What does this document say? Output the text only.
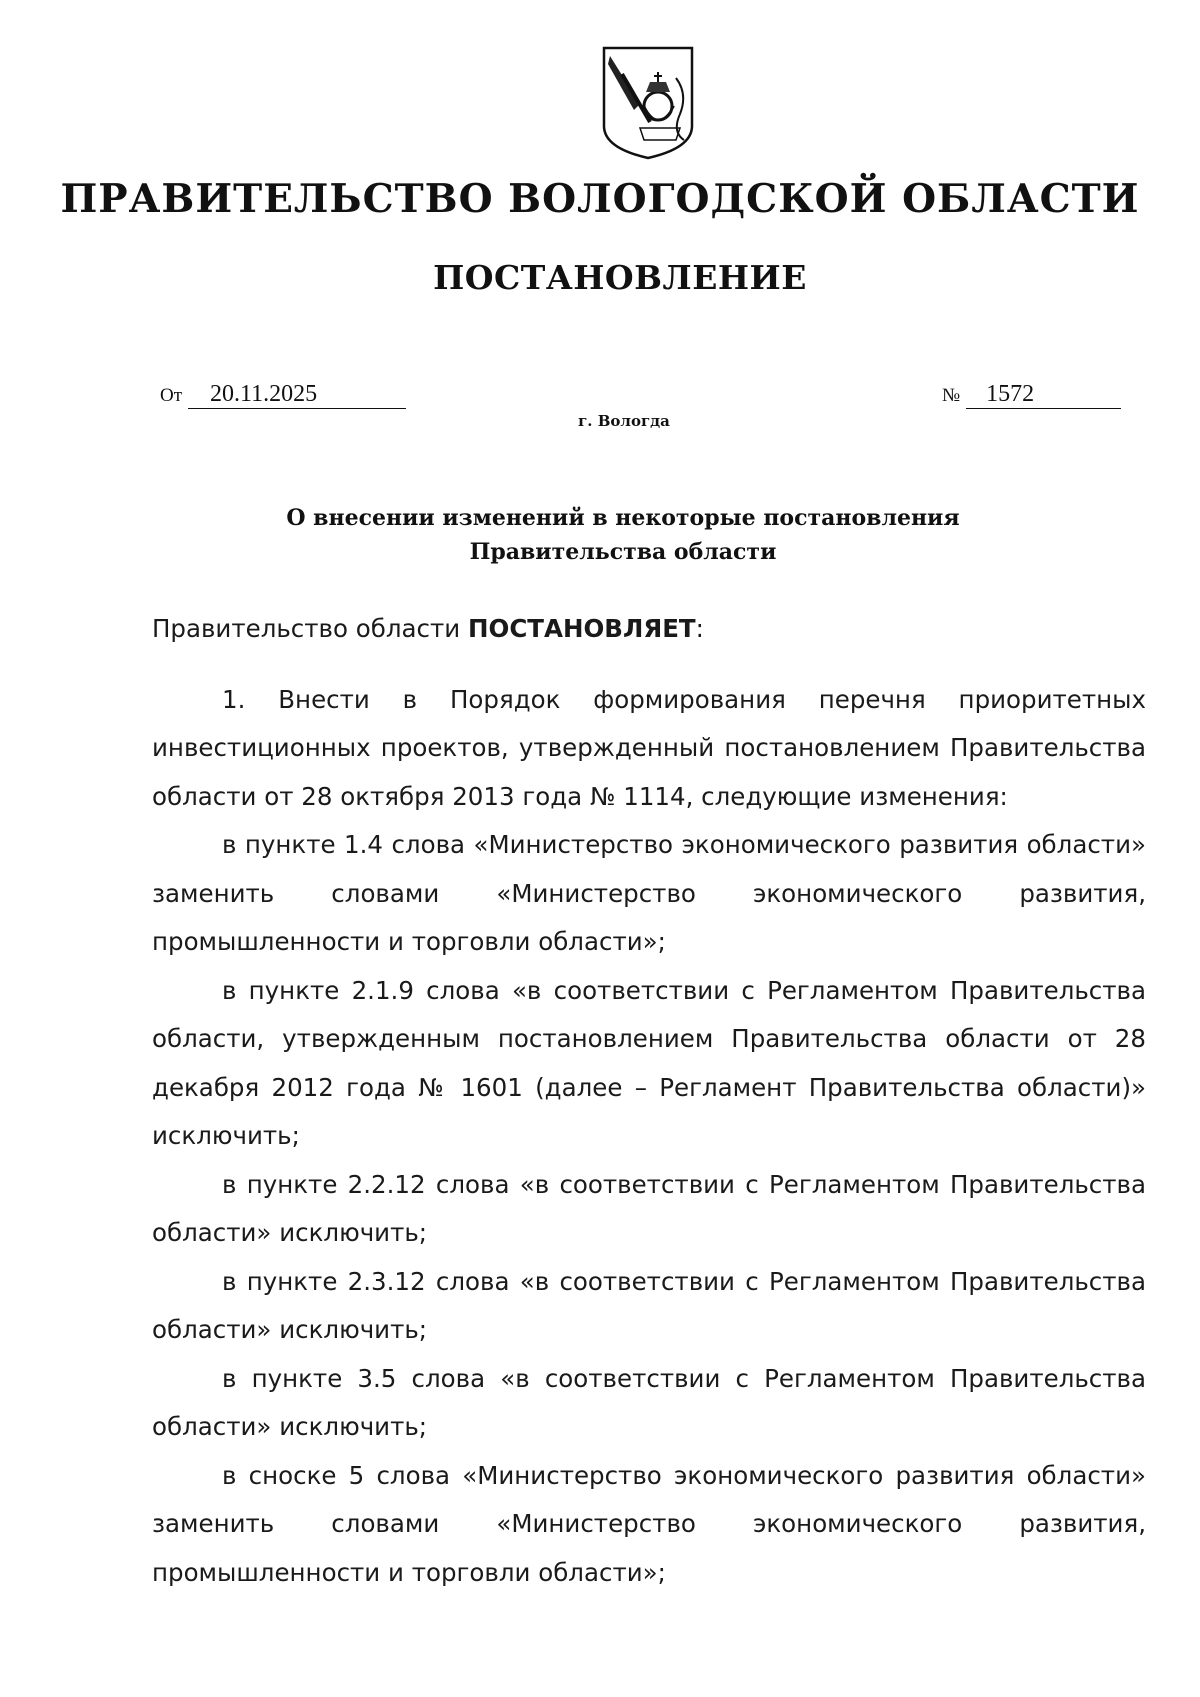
ПРАВИТЕЛЬСТВО ВОЛОГОДСКОЙ ОБЛАСТИ
ПОСТАНОВЛЕНИЕ
От 20.11.2025	№ 1572
г. Вологда
О внесении изменений в некоторые постановления
Правительства области

Правительство области ПОСТАНОВЛЯЕТ:

1. Внести в Порядок формирования перечня приоритетных инвестиционных проектов, утвержденный постановлением Правительства области от 28 октября 2013 года № 1114, следующие изменения:

в пункте 1.4 слова «Министерство экономического развития области» заменить словами «Министерство экономического развития, промышленности и торговли области»;

в пункте 2.1.9 слова «в соответствии с Регламентом Правительства области, утвержденным постановлением Правительства области от 28 декабря 2012 года № 1601 (далее – Регламент Правительства области)» исключить;

в пункте 2.2.12 слова «в соответствии с Регламентом Правительства области» исключить;

в пункте 2.3.12 слова «в соответствии с Регламентом Правительства области» исключить;

в пункте 3.5 слова «в соответствии с Регламентом Правительства области» исключить;

в сноске 5 слова «Министерство экономического развития области» заменить словами «Министерство экономического развития, промышленности и торговли области»;
